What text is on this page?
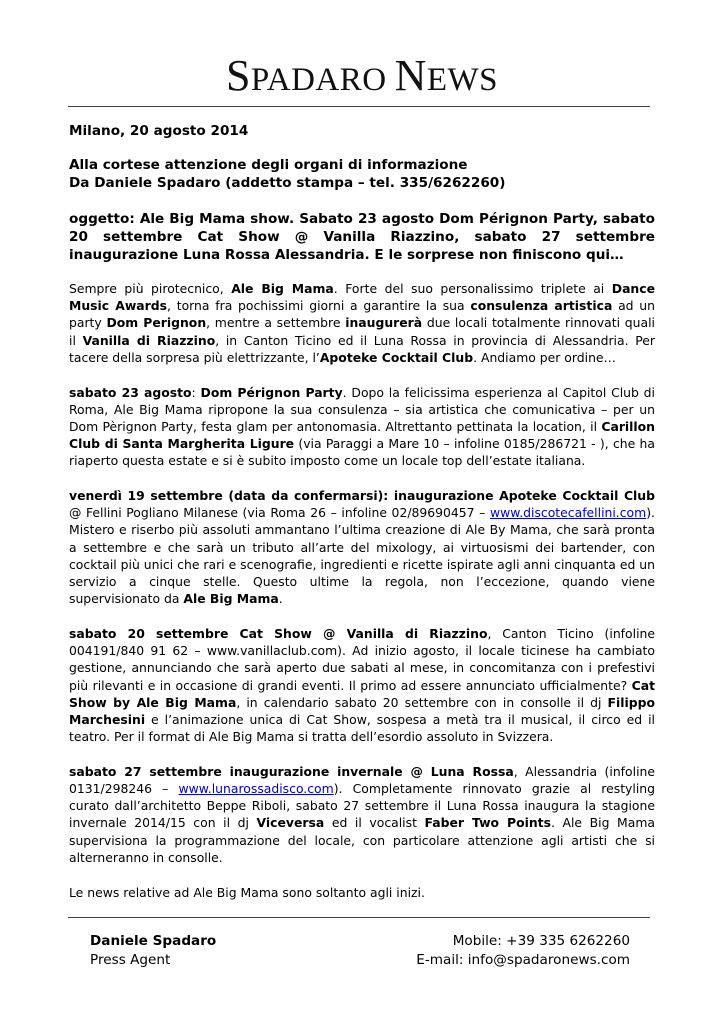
SPADARO NEWS

Milano, 20 agosto 2014

Alla cortese attenzione degli organi di informazione
Da Daniele Spadaro (addetto stampa – tel. 335/6262260)

oggetto: Ale Big Mama show. Sabato 23 agosto Dom Pérignon Party, sabato 20 settembre Cat Show @ Vanilla Riazzino, sabato 27 settembre inaugurazione Luna Rossa Alessandria. E le sorprese non finiscono qui…

Sempre più pirotecnico, Ale Big Mama. Forte del suo personalissimo triplete ai Dance Music Awards, torna fra pochissimi giorni a garantire la sua consulenza artistica ad un party Dom Perignon, mentre a settembre inaugurerà due locali totalmente rinnovati quali il Vanilla di Riazzino, in Canton Ticino ed il Luna Rossa in provincia di Alessandria. Per tacere della sorpresa più elettrizzante, l’Apoteke Cocktail Club. Andiamo per ordine…

sabato 23 agosto: Dom Pérignon Party. Dopo la felicissima esperienza al Capitol Club di Roma, Ale Big Mama ripropone la sua consulenza – sia artistica che comunicativa – per un Dom Pèrignon Party, festa glam per antonomasia. Altrettanto pettinata la location, il Carillon Club di Santa Margherita Ligure (via Paraggi a Mare 10 – infoline 0185/286721 - ), che ha riaperto questa estate e si è subito imposto come un locale top dell’estate italiana.

venerdì 19 settembre (data da confermarsi): inaugurazione Apoteke Cocktail Club @ Fellini Pogliano Milanese (via Roma 26 – infoline 02/89690457 – www.discotecafellini.com). Mistero e riserbo più assoluti ammantano l’ultima creazione di Ale By Mama, che sarà pronta a settembre e che sarà un tributo all’arte del mixology, ai virtuosismi dei bartender, con cocktail più unici che rari e scenografie, ingredienti e ricette ispirate agli anni cinquanta ed un servizio a cinque stelle. Questo ultime la regola, non l’eccezione, quando viene supervisionato da Ale Big Mama.

sabato 20 settembre Cat Show @ Vanilla di Riazzino, Canton Ticino (infoline 004191/840 91 62 – www.vanillaclub.com). Ad inizio agosto, il locale ticinese ha cambiato gestione, annunciando che sarà aperto due sabati al mese, in concomitanza con i prefestivi più rilevanti e in occasione di grandi eventi. Il primo ad essere annunciato ufficialmente? Cat Show by Ale Big Mama, in calendario sabato 20 settembre con in consolle il dj Filippo Marchesini e l’animazione unica di Cat Show, sospesa a metà tra il musical, il circo ed il teatro. Per il format di Ale Big Mama si tratta dell’esordio assoluto in Svizzera.

sabato 27 settembre inaugurazione invernale @ Luna Rossa, Alessandria (infoline 0131/298246 – www.lunarossadisco.com). Completamente rinnovato grazie al restyling curato dall’architetto Beppe Riboli, sabato 27 settembre il Luna Rossa inaugura la stagione invernale 2014/15 con il dj Viceversa ed il vocalist Faber Two Points. Ale Big Mama supervisiona la programmazione del locale, con particolare attenzione agli artisti che si alterneranno in consolle.

Le news relative ad Ale Big Mama sono soltanto agli inizi.

Daniele Spadaro
Press Agent
Mobile: +39 335 6262260
E-mail: info@spadaronews.com
